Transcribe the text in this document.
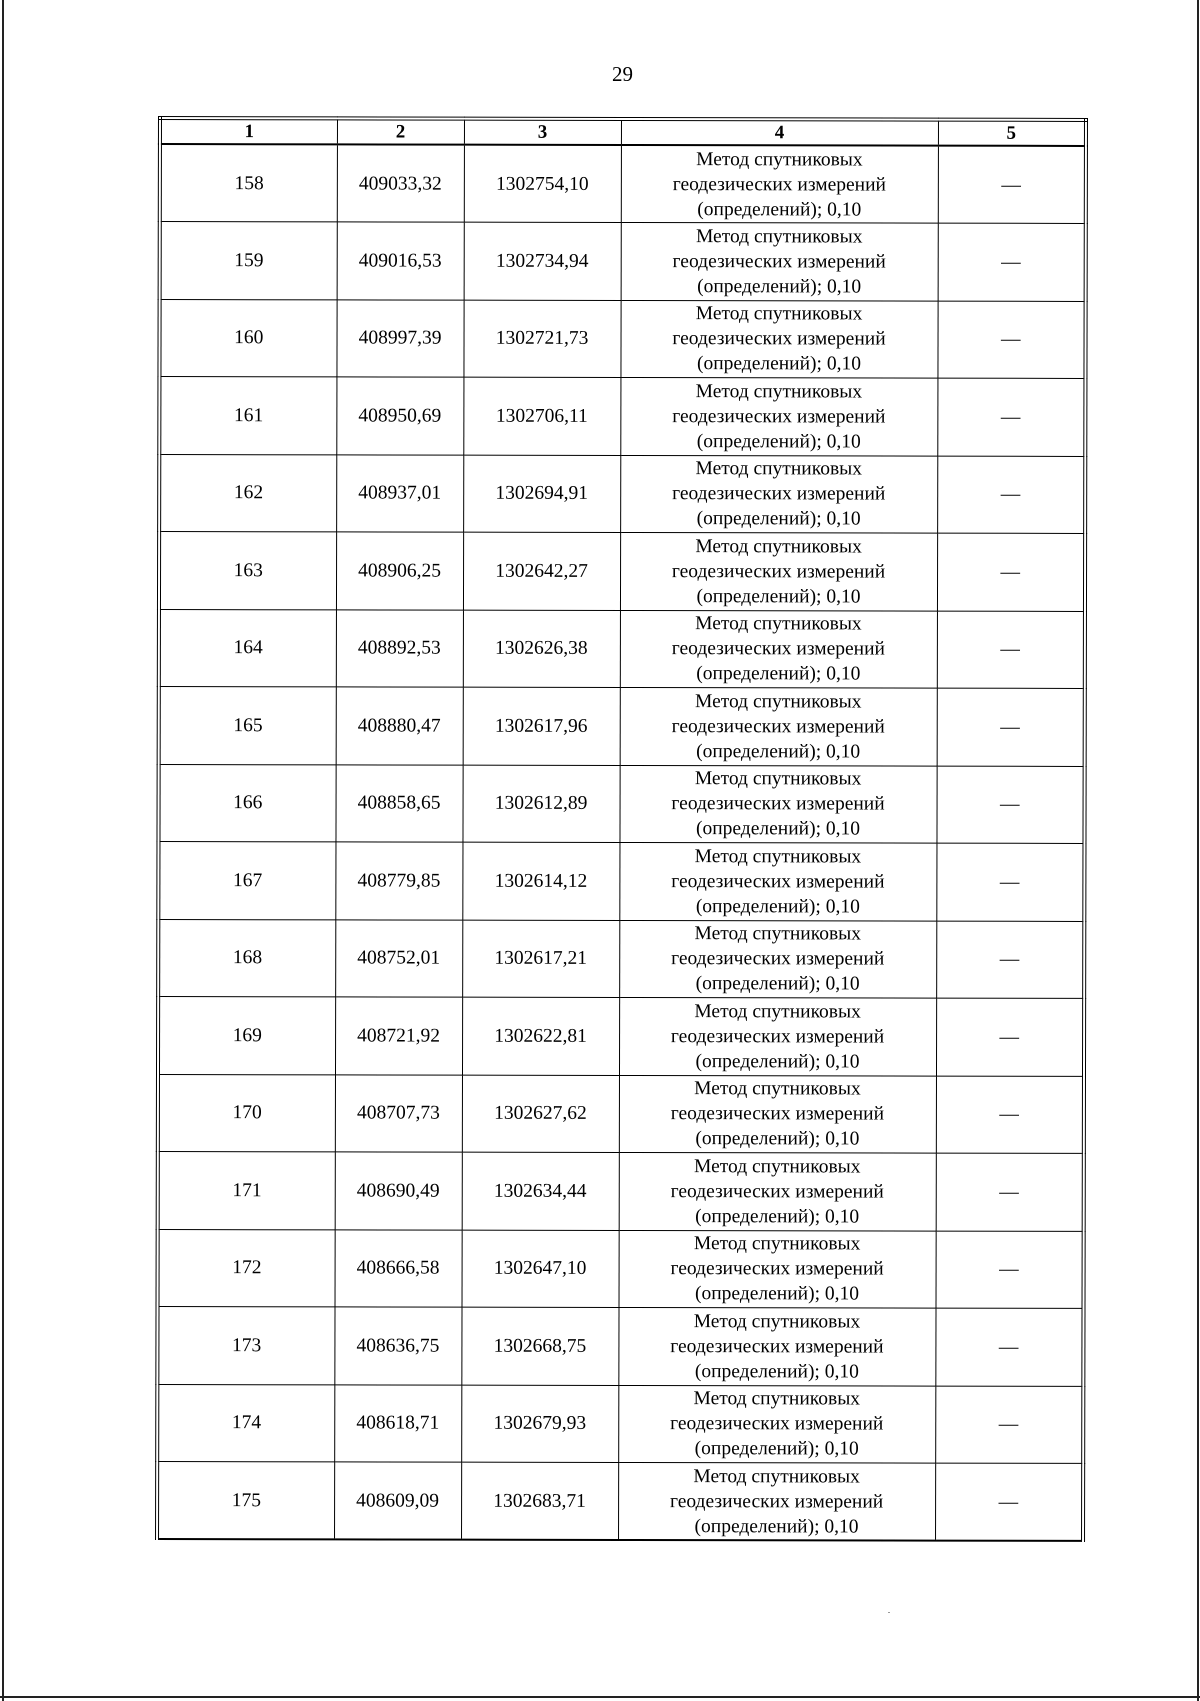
29
1	2	3	4	5
158	409033,32	1302754,10	Метод спутниковых
геодезических измерений
(определений); 0,10	—
159	409016,53	1302734,94	Метод спутниковых
геодезических измерений
(определений); 0,10	—
160	408997,39	1302721,73	Метод спутниковых
геодезических измерений
(определений); 0,10	—
161	408950,69	1302706,11	Метод спутниковых
геодезических измерений
(определений); 0,10	—
162	408937,01	1302694,91	Метод спутниковых
геодезических измерений
(определений); 0,10	—
163	408906,25	1302642,27	Метод спутниковых
геодезических измерений
(определений); 0,10	—
164	408892,53	1302626,38	Метод спутниковых
геодезических измерений
(определений); 0,10	—
165	408880,47	1302617,96	Метод спутниковых
геодезических измерений
(определений); 0,10	—
166	408858,65	1302612,89	Метод спутниковых
геодезических измерений
(определений); 0,10	—
167	408779,85	1302614,12	Метод спутниковых
геодезических измерений
(определений); 0,10	—
168	408752,01	1302617,21	Метод спутниковых
геодезических измерений
(определений); 0,10	—
169	408721,92	1302622,81	Метод спутниковых
геодезических измерений
(определений); 0,10	—
170	408707,73	1302627,62	Метод спутниковых
геодезических измерений
(определений); 0,10	—
171	408690,49	1302634,44	Метод спутниковых
геодезических измерений
(определений); 0,10	—
172	408666,58	1302647,10	Метод спутниковых
геодезических измерений
(определений); 0,10	—
173	408636,75	1302668,75	Метод спутниковых
геодезических измерений
(определений); 0,10	—
174	408618,71	1302679,93	Метод спутниковых
геодезических измерений
(определений); 0,10	—
175	408609,09	1302683,71	Метод спутниковых
геодезических измерений
(определений); 0,10	—
